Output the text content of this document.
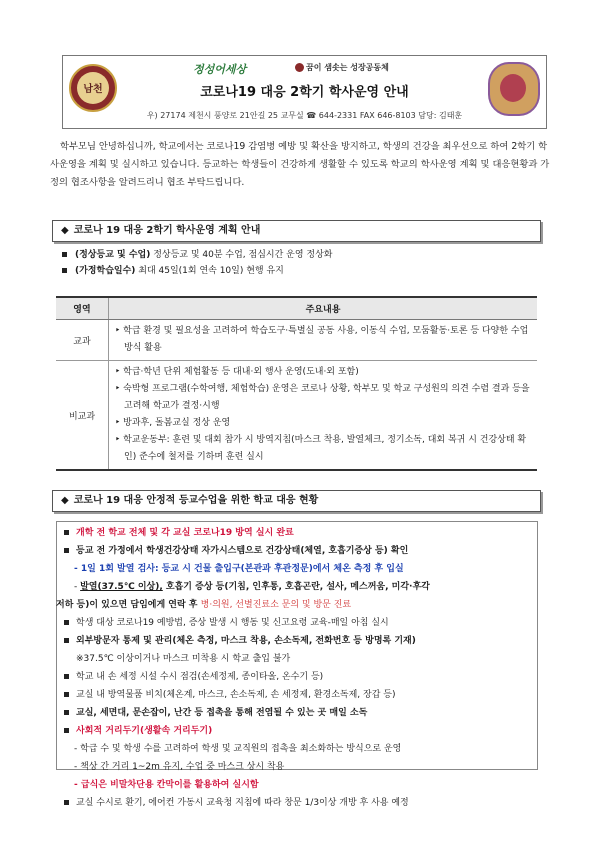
남천
정성어세상	꿈이 샘솟는 성장공동체
코로나19 대응 2학기 학사운영 안내
우) 27174 제천시 풍양로 21안길 25 교무실 ☎ 644-2331 FAX 646-8103 담당: 김태훈
학부모님 안녕하십니까, 학교에서는 코로나19 감염병 예방 및 확산을 방지하고, 학생의 건강을 최우선으로 하여 2학기 학사운영을 계획 및 실시하고 있습니다. 등교하는 학생들이 건강하게 생활할 수 있도록 학교의 학사운영 계획 및 대응현황과 가정의 협조사항을 알려드리니 협조 부탁드립니다.
◆ 코로나 19 대응 2학기 학사운영 계획 안내
(정상등교 및 수업) 정상등교 및 40분 수업, 점심시간 운영 정상화
(가정학습일수) 최대 45일(1회 연속 10일) 현행 유지
영역	주요내용
교과	‣ 학급 환경 및 필요성을 고려하여 학습도구·특별실 공동 사용, 이동식 수업, 모둠활동·토론 등 다양한 수업방식 활용

비교과	‣ 학급·학년 단위 체험활동 등 대내·외 행사 운영(도내·외 포함)
‣ 숙박형 프로그램(수학여행, 체험학습) 운영은 코로나 상황, 학부모 및 학교 구성원의 의견 수렴 결과 등을 고려해 학교가 결정·시행
‣ 방과후, 돌봄교실 정상 운영
‣ 학교운동부: 훈련 및 대회 참가 시 방역지침(마스크 착용, 발열체크, 정기소독, 대회 복귀 시 건강상태 확인) 준수에 철저를 기하며 훈련 실시
◆ 코로나 19 대응 안정적 등교수업을 위한 학교 대응 현황
개학 전 학교 전체 및 각 교실 코로나19 방역 실시 완료
등교 전 가정에서 학생건강상태 자가시스템으로 건강상태(체열, 호흡기증상 등) 확인
- 1일 1회 발열 검사: 등교 시 건물 출입구(본관과 후관정문)에서 체온 측정 후 입실
- 발열(37.5℃ 이상), 호흡기 증상 등(기침, 인후통, 호흡곤란, 설사, 메스꺼움, 미각·후각
저하 등)이 있으면 담임에게 연락 후 병·의원, 선별진료소 문의 및 방문 진료
학생 대상 코로나19 예방법, 증상 발생 시 행동 및 신고요령 교육-매일 아침 실시
외부방문자 통제 및 관리(체온 측정, 마스크 착용, 손소독제, 전화번호 등 방명록 기재)
※37.5℃ 이상이거나 마스크 미착용 시 학교 출입 불가
학교 내 손 세정 시설 수시 점검(손세정제, 종이타올, 온수기 등)
교실 내 방역물품 비치(체온계, 마스크, 손소독제, 손 세정제, 환경소독제, 장갑 등)
교실, 세면대, 문손잡이, 난간 등 접촉을 통해 전염될 수 있는 곳 매일 소독
사회적 거리두기(생활속 거리두기)
- 학급 수 및 학생 수를 고려하여 학생 및 교직원의 접촉을 최소화하는 방식으로 운영
- 책상 간 거리 1~2m 유지, 수업 중 마스크 상시 착용
- 급식은 비말차단용 칸막이를 활용하여 실시함
교실 수시로 환기, 에어컨 가동시 교육청 지침에 따라 창문 1/3이상 개방 후 사용 예정
